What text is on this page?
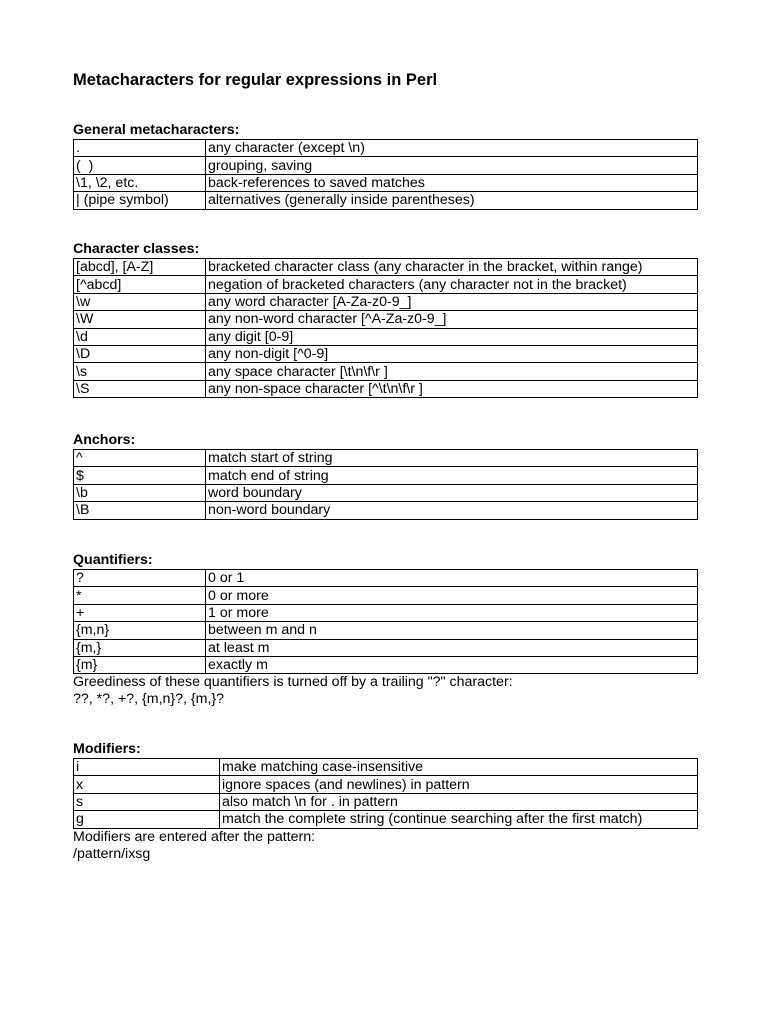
Metacharacters for regular expressions in Perl
General metacharacters:
.	any character (except \n)
(  )	grouping, saving
\1, \2, etc.	back-references to saved matches
| (pipe symbol)	alternatives (generally inside parentheses)
Character classes:
[abcd], [A-Z]	bracketed character class (any character in the bracket, within range)
[^abcd]	negation of bracketed characters (any character not in the bracket)
\w	any word character [A-Za-z0-9_]
\W	any non-word character [^A-Za-z0-9_]
\d	any digit [0-9]
\D	any non-digit [^0-9]
\s	any space character [\t\n\f\r ]
\S	any non-space character [^\t\n\f\r ]
Anchors:
^	match start of string
$	match end of string
\b	word boundary
\B	non-word boundary
Quantifiers:
?	0 or 1
*	0 or more
+	1 or more
{m,n}	between m and n
{m,}	at least m
{m}	exactly m

Greediness of these quantifiers is turned off by a trailing "?" character:

??, *?, +?, {m,n}?, {m,}?

Modifiers:
i	make matching case-insensitive
x	ignore spaces (and newlines) in pattern
s	also match \n for . in pattern
g	match the complete string (continue searching after the first match)

Modifiers are entered after the pattern:

/pattern/ixsg
